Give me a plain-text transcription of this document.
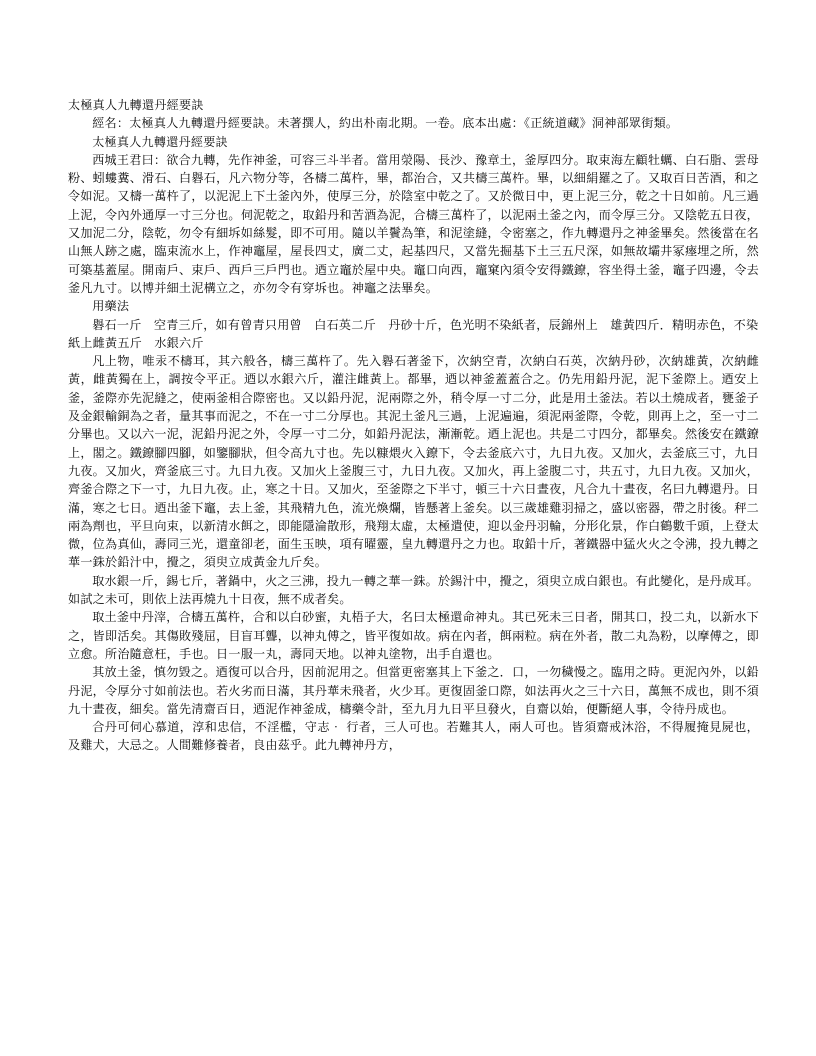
太極真人九轉還丹經要訣
經名：太極真人九轉還丹經要訣。未著撰人，約出朴南北期。一卷。底本出處：《正統道藏》洞神部眾街類。
太極真人九轉還丹經要訣
西城王君曰：欲合九轉，先作神釜，可容三斗半者。當用滎陽、長沙、豫章土，釜厚四分。取束海左顧牡蠣、白石脂、雲母粉、蚓螻糞、滑石、白礜石，凡六物分等，各檮二萬杵，畢，都治合，又共檮三萬杵。畢，以細絹羅之了。又取百日苦酒，和之令如泥。又檮一萬杵了，以泥泥上下土釜內外，使厚三分，於陰室中乾之了。又於微日中，更上泥三分，乾之十日如前。凡三過上泥，令內外通厚一寸三分也。伺泥乾之，取鉛丹和苦酒為泥，合檮三萬杵了，以泥兩土釜之內，而令厚三分。又陰乾五日夜，又加泥二分，陰乾，勿令有細坼如絲髮，即不可用。隨以羊鬢為筆，和泥塗縫，令密塞之，作九轉還丹之神釜畢矣。然後當在名山無人跡之處，臨束流水上，作神竈屋，屋長四丈，廣二丈，起基四尺，又當先掘基下土三五尺深，如無故壩井冢瘞埋之所，然可築基蓋屋。開南戶、束戶、西戶三戶門也。迺立竈於屋中央。竈口向西，竈窠內須令安得鐵鐐，容坐得土釜，竈子四邊，令去釜凡九寸。以博并細土泥構立之，亦勿令有穿坼也。神竈之法畢矣。
用藥法
礜石一斤　空青三斤，如有曾青只用曾　白石英二斤　丹砂十斤，色光明不染紙者，辰錦州上　雄黃四斤．精明赤色，不染紙上雌黃五斤　水銀六斤
凡上物，唯汞不檮耳，其六般各，檮三萬杵了。先入礜石著釜下，次納空青，次納白石英，次納丹砂，次納雄黃，次納雌黃，雌黃獨在上，調按令平正。迺以水銀六斤，灌注雌黃上。都畢，迺以神釜蓋蓋合之。仍先用鉛丹泥，泥下釜際上。迺安上釜，釜際亦先泥縫之，使兩釜相合際密也。又以鉛丹泥，泥兩際之外，稍令厚一寸二分，此是用土釜法。若以土燒成者，甕釜子及金銀輸銅為之者，量其事而泥之，不在一寸二分厚也。其泥土釜凡三過，上泥遍遍，須泥兩釜際，令乾，則再上之，至一寸二分畢也。又以六一泥，泥鉛丹泥之外，令厚一寸二分，如鉛丹泥法，漸漸乾。迺上泥也。共是二寸四分，都畢矣。然後安在鐵鐐上，閣之。鐵鐐腳四腳，如鑒腳狀，但令高九寸也。先以糠煨火入鐐下，令去釜底六寸，九日九夜。又加火，去釜底三寸，九日九夜。又加火，齊釜底三寸。九日九夜。又加火上釜腹三寸，九日九夜。又加火，再上釜腹二寸，共五寸，九日九夜。又加火，齊釜合際之下一寸，九日九夜。止，寒之十日。又加火，至釜際之下半寸，頓三十六日晝夜，凡合九十晝夜，名曰九轉還丹。日滿，寒之七日。迺出釜下竈，去上釜，其飛精九色，流光煥爛，皆懸著上釜矣。以三歲雄雞羽掃之，盛以密器，帶之肘後。秤二兩為劑也，平旦向束，以新清水餌之，即能隱淪散形，飛翔太虛，太極遣使，迎以金丹羽輪，分形化景，作白鶴數千頭，上登太微，位為真仙，壽同三光，還童卻老，面生玉映，項有曜靈，皇九轉還丹之力也。取鉛十斤，著鐵器中猛火火之令沸，投九轉之華一銖於鉛汁中，攪之，須臾立成黃金九斤矣。
取水銀一斤，錫七斤，著鍋中，火之三沸，投九一轉之華一銖。於錫汁中，攪之，須臾立成白銀也。有此變化，是丹成耳。如試之未可，則依上法再燒九十日夜，無不成者矣。
取土釜中丹滓，合檮五萬杵，合和以白砂蜜，丸梧子大，名曰太極還命神丸。其已死未三日者，開其口，投二丸，以新水下之，皆即活矣。其傷敗殘屈，目盲耳聾，以神丸傅之，皆平復如故。病在內者，餌兩粒。病在外者，散二丸為粉，以摩傅之，即立愈。所治隨意枉，手也。日一服一丸，壽同天地。以神丸塗物，出手自還也。
其放土釜，慎勿毀之。迺復可以合丹，因前泥用之。但當更密塞其上下釜之．口，一勿穢慢之。臨用之時。更泥內外，以鉛丹泥，令厚分寸如前法也。若火劣而日滿，其丹華未飛者，火少耳。更復固釜口際，如法再火之三十六日，萬無不成也，則不須九十晝夜，細矣。當先清齋百日，迺泥作神釜成，檮藥令計，至九月九日平旦發火，自齋以始，便斷絕人事，令待丹成也。
合丹可伺心慕道，淳和忠信，不淫檻，守志‧ 行者，三人可也。若難其人，兩人可也。皆須齋戒沐浴，不得履掩見屍也，及雞犬，大忌之。人間難修養者，良由茲乎。此九轉神丹方，
